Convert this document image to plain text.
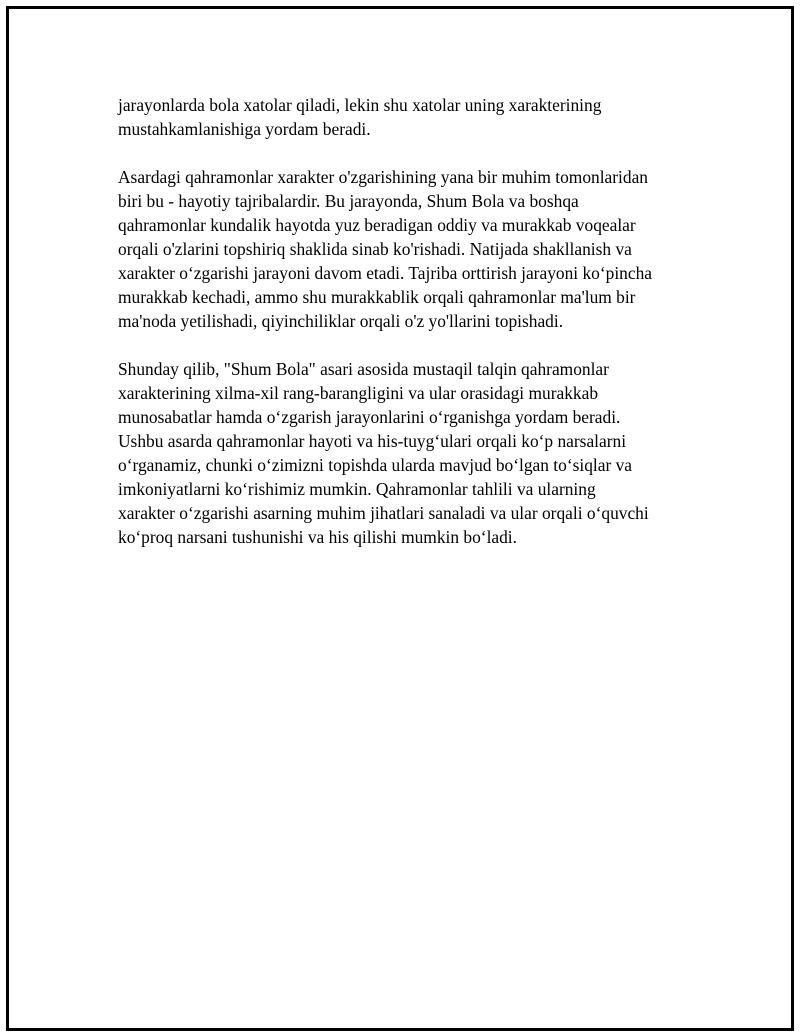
jarayonlarda bola xatolar qiladi, lekin shu xatolar uning xarakterining
mustahkamlanishiga yordam beradi.

Asardagi qahramonlar xarakter o'zgarishining yana bir muhim tomonlaridan
biri bu - hayotiy tajribalardir. Bu jarayonda, Shum Bola va boshqa
qahramonlar kundalik hayotda yuz beradigan oddiy va murakkab voqealar
orqali o'zlarini topshiriq shaklida sinab ko'rishadi. Natijada shakllanish va
xarakter o‘zgarishi jarayoni davom etadi. Tajriba orttirish jarayoni ko‘pincha
murakkab kechadi, ammo shu murakkablik orqali qahramonlar ma'lum bir
ma'noda yetilishadi, qiyinchiliklar orqali o'z yo'llarini topishadi.

Shunday qilib, "Shum Bola" asari asosida mustaqil talqin qahramonlar
xarakterining xilma-xil rang-barangligini va ular orasidagi murakkab
munosabatlar hamda o‘zgarish jarayonlarini o‘rganishga yordam beradi.
Ushbu asarda qahramonlar hayoti va his-tuyg‘ulari orqali ko‘p narsalarni
o‘rganamiz, chunki o‘zimizni topishda ularda mavjud bo‘lgan to‘siqlar va
imkoniyatlarni ko‘rishimiz mumkin. Qahramonlar tahlili va ularning
xarakter o‘zgarishi asarning muhim jihatlari sanaladi va ular orqali o‘quvchi
ko‘proq narsani tushunishi va his qilishi mumkin bo‘ladi.
